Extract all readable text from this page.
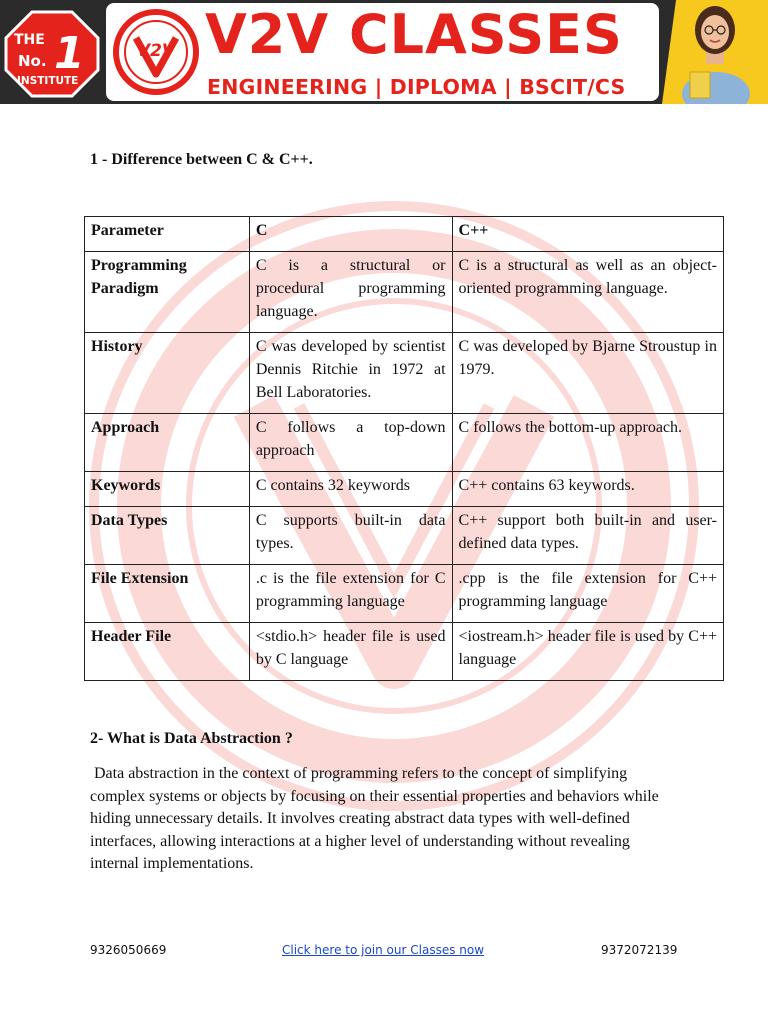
THE
No. 1
INSTITUTE
V2V V2V CLASSES
ENGINEERING | DIPLOMA | BSCIT/CS
1 - Difference between C & C++.
Parameter	C	C++
Programming Paradigm	C is a structural or procedural programming language.	C is a structural as well as an object-oriented programming language.
History	C was developed by scientist Dennis Ritchie in 1972 at Bell Laboratories.	C was developed by Bjarne Stroustup in 1979.
Approach	C follows a top-down approach	C follows the bottom-up approach.
Keywords	C contains 32 keywords	C++ contains 63 keywords.
Data Types	C supports built-in data types.	C++ support both built-in and user-defined data types.
File Extension	.c is the file extension for C programming language	.cpp is the file extension for C++ programming language
Header File	<stdio.h> header file is used by C language	<iostream.h> header file is used by C++ language
2- What is Data Abstraction ?
Data abstraction in the context of programming refers to the concept of simplifying complex systems or objects by focusing on their essential properties and behaviors while hiding unnecessary details. It involves creating abstract data types with well-defined interfaces, allowing interactions at a higher level of understanding without revealing internal implementations.
9326050669	Click here to join our Classes now	9372072139
